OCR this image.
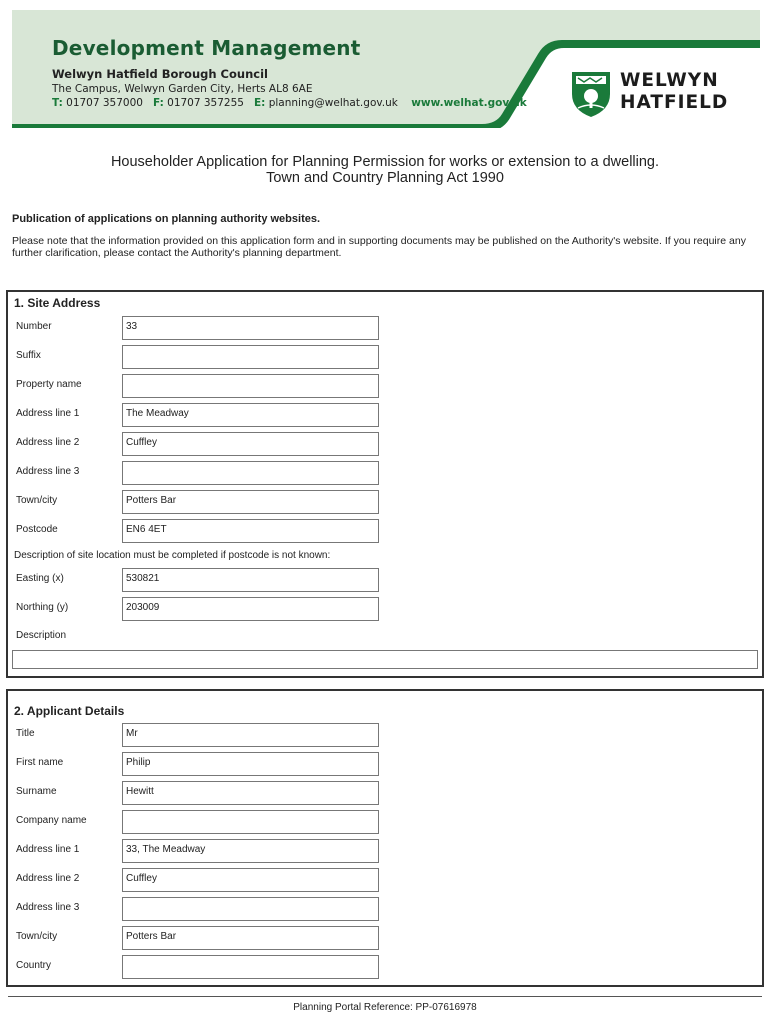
Development Management
Welwyn Hatfield Borough Council
The Campus, Welwyn Garden City, Herts AL8 6AE
T: 01707 357000 F: 01707 357255 E: planning@welhat.gov.uk www.welhat.gov.uk
WELWYN
HATFIELD
Householder Application for Planning Permission for works or extension to a dwelling.
Town and Country Planning Act 1990
Publication of applications on planning authority websites.
Please note that the information provided on this application form and in supporting documents may be published on the Authority's website. If you require any further clarification, please contact the Authority's planning department.
1. Site Address
Number	33
Suffix
Property name
Address line 1	The Meadway
Address line 2	Cuffley
Address line 3
Town/city	Potters Bar
Postcode	EN6 4ET
Description of site location must be completed if postcode is not known:
Easting (x)	530821
Northing (y)	203009
Description
2. Applicant Details
Title	Mr
First name	Philip
Surname	Hewitt
Company name
Address line 1	33, The Meadway
Address line 2	Cuffley
Address line 3
Town/city	Potters Bar
Country
Planning Portal Reference: PP-07616978
